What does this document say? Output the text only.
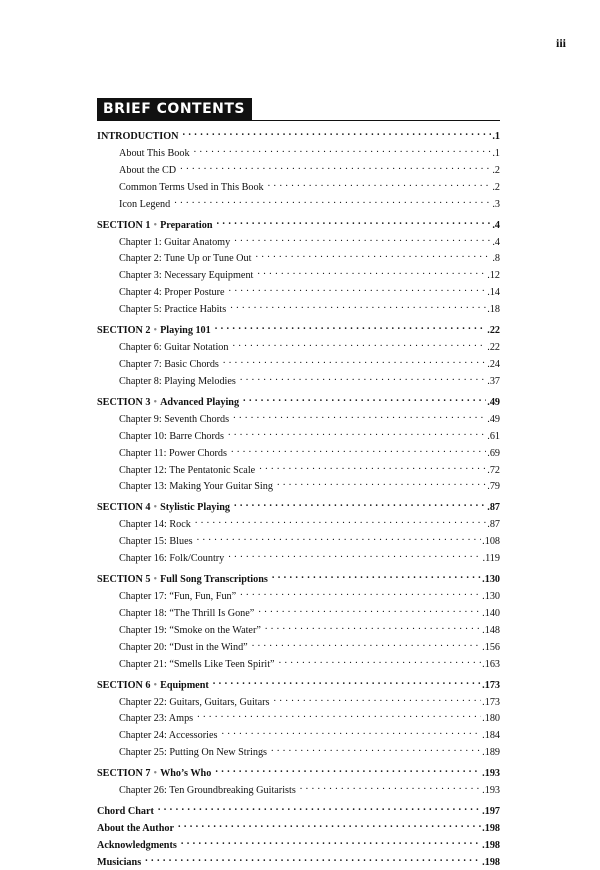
iii
BRIEF CONTENTS
INTRODUCTION . . .	.1
About This Book . . .	.1
About the CD . . .	.2
Common Terms Used in This Book . . .	.2
Icon Legend . . .	.3
SECTION 1 • Preparation . . .	.4
Chapter 1: Guitar Anatomy . . .	.4
Chapter 2: Tune Up or Tune Out . . .	.8
Chapter 3: Necessary Equipment . . .	.12
Chapter 4: Proper Posture . . .	.14
Chapter 5: Practice Habits . . .	.18
SECTION 2 • Playing 101 . . .	.22
Chapter 6: Guitar Notation . . .	.22
Chapter 7: Basic Chords . . .	.24
Chapter 8: Playing Melodies . . .	.37
SECTION 3 • Advanced Playing . . .	.49
Chapter 9: Seventh Chords . . .	.49
Chapter 10: Barre Chords . . .	.61
Chapter 11: Power Chords . . .	.69
Chapter 12: The Pentatonic Scale . . .	.72
Chapter 13: Making Your Guitar Sing . . .	.79
SECTION 4 • Stylistic Playing . . .	.87
Chapter 14: Rock . . .	.87
Chapter 15: Blues . . .	.108
Chapter 16: Folk/Country . . .	.119
SECTION 5 • Full Song Transcriptions . . .	.130
Chapter 17: “Fun, Fun, Fun” . . .	.130
Chapter 18: “The Thrill Is Gone” . . .	.140
Chapter 19: “Smoke on the Water” . . .	.148
Chapter 20: “Dust in the Wind” . . .	.156
Chapter 21: “Smells Like Teen Spirit” . . .	.163
SECTION 6 • Equipment . . .	.173
Chapter 22: Guitars, Guitars, Guitars . . .	.173
Chapter 23: Amps . . .	.180
Chapter 24: Accessories . . .	.184
Chapter 25: Putting On New Strings . . .	.189
SECTION 7 • Who’s Who . . .	.193
Chapter 26: Ten Groundbreaking Guitarists . . .	.193
Chord Chart . . .	.197
About the Author . . .	.198
Acknowledgments . . .	.198
Musicians . . .	.198
